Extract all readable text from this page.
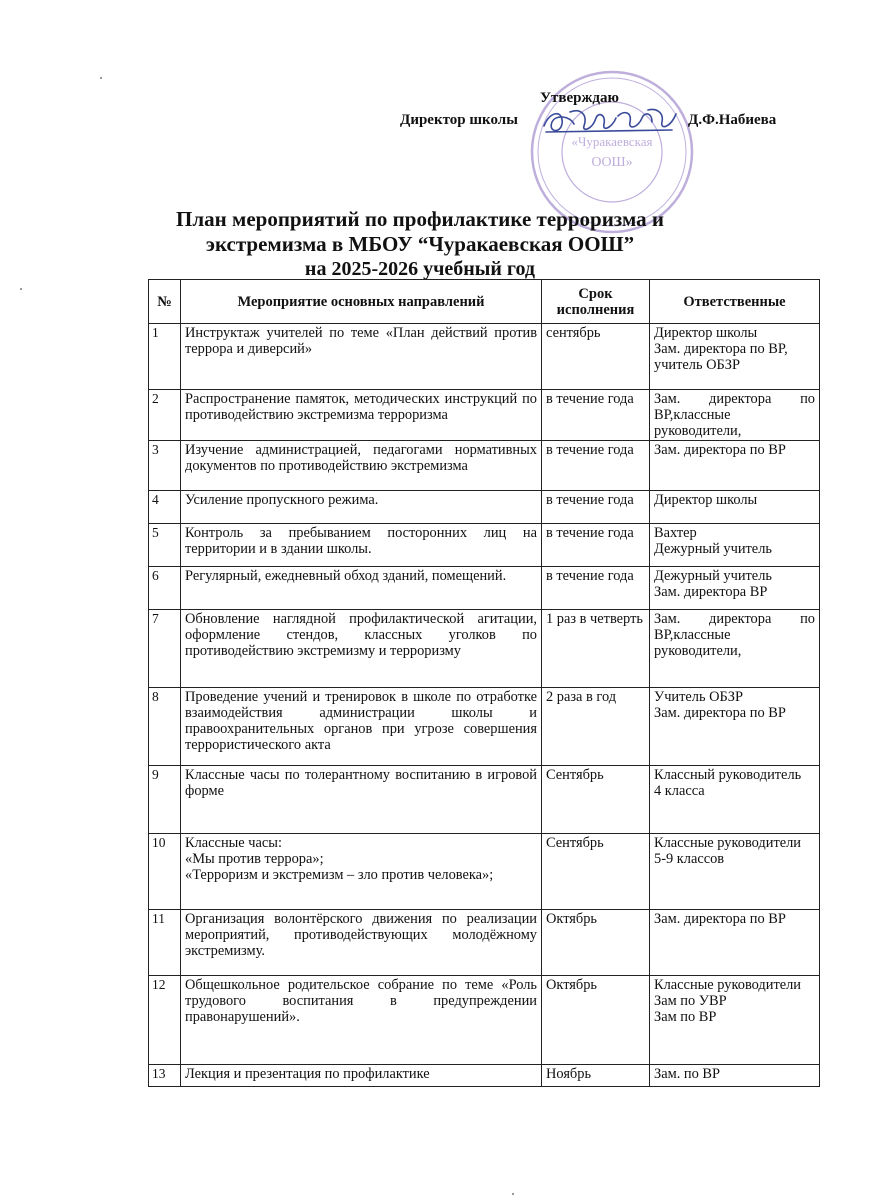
«Чуракаевская
ООШ»
Утверждаю
Директор школы	Д.Ф.Набиева
План мероприятий по профилактике терроризма и
экстремизма в МБОУ “Чуракаевская ООШ”
на 2025-2026 учебный год
№	Мероприятие основных направлений	Срок исполнения	Ответственные
1	Инструктаж учителей по теме «План действий против террора и диверсий»	сентябрь	Директор школы
Зам. директора по ВР,
учитель ОБЗР
2	Распространение памяток, методических инструкций по противодействию экстремизма терроризма	в течение года	Зам. директора по ВР,классные руководители,
3	Изучение администрацией, педагогами нормативных документов по противодействию экстремизма	в течение года	Зам. директора по ВР
4	Усиление пропускного режима.	в течение года	Директор школы
5	Контроль за пребыванием посторонних лиц на территории и в здании школы.	в течение года	Вахтер
Дежурный учитель
6	Регулярный, ежедневный обход зданий, помещений.	в течение года	Дежурный учитель
Зам. директора ВР
7	Обновление наглядной профилактической агитации, оформление стендов, классных уголков по противодействию экстремизму и терроризму	1 раз в четверть	Зам. директора по ВР,классные руководители,
8	Проведение учений и тренировок в школе по отработке взаимодействия администрации школы и правоохранительных органов при угрозе совершения террористического акта	2 раза в год	Учитель ОБЗР
Зам. директора по ВР
9	Классные часы по толерантному воспитанию в игровой форме	Сентябрь	Классный руководитель
4 класса
10	Классные часы:
«Мы против террора»;
«Терроризм и экстремизм – зло против человека»;	Сентябрь	Классные руководители
5-9 классов
11	Организация волонтёрского движения по реализации мероприятий, противодействующих молодёжному экстремизму.	Октябрь	Зам. директора по ВР
12	Общешкольное родительское собрание по теме «Роль трудового воспитания в предупреждении правонарушений».	Октябрь	Классные руководители
Зам по УВР
Зам по ВР
13	Лекция и презентация по профилактике	Ноябрь	Зам. по ВР
